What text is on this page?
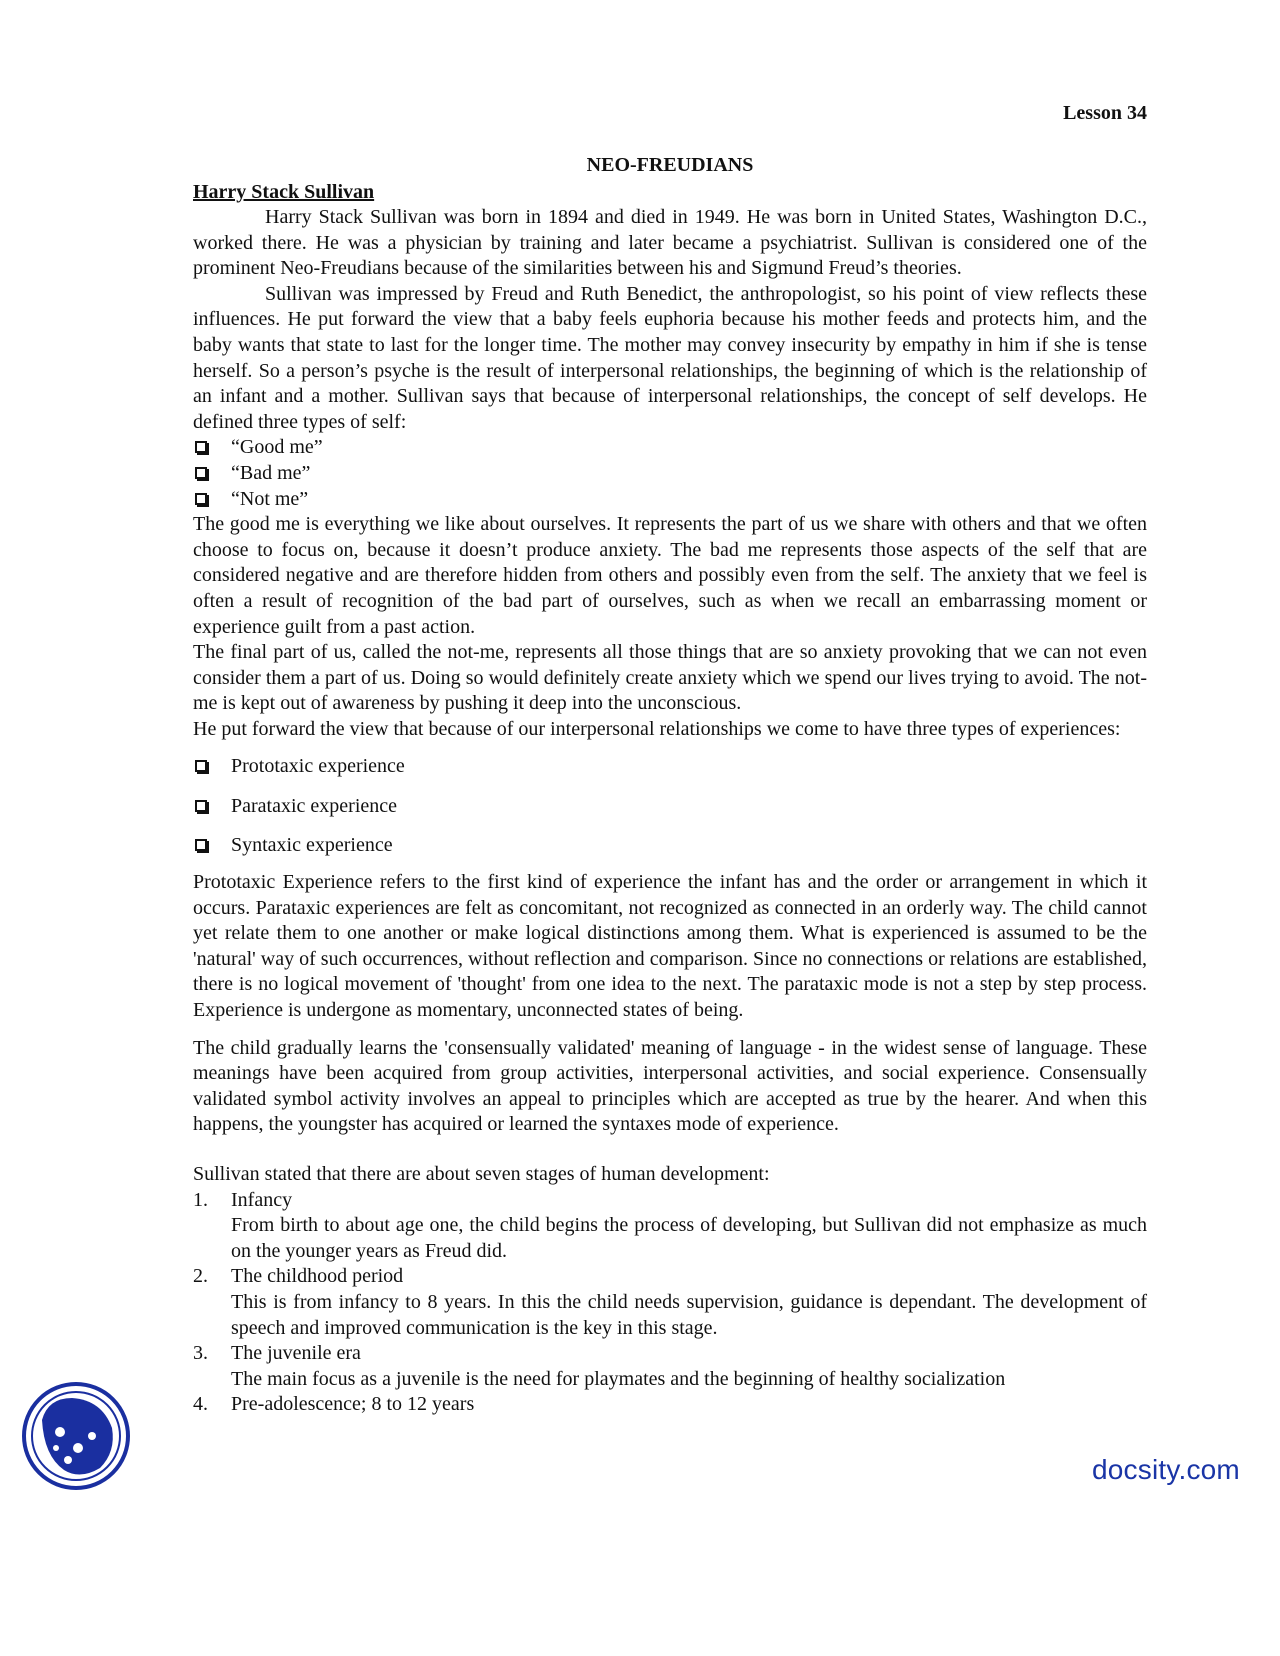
Lesson 34
NEO-FREUDIANS
Harry Stack Sullivan

Harry Stack Sullivan was born in 1894 and died in 1949. He was born in United States, Washington D.C., worked there. He was a physician by training and later became a psychiatrist. Sullivan is considered one of the prominent Neo-Freudians because of the similarities between his and Sigmund Freud’s theories.

Sullivan was impressed by Freud and Ruth Benedict, the anthropologist, so his point of view reflects these influences. He put forward the view that a baby feels euphoria because his mother feeds and protects him, and the baby wants that state to last for the longer time. The mother may convey insecurity by empathy in him if she is tense herself. So a person’s psyche is the result of interpersonal relationships, the beginning of which is the relationship of an infant and a mother. Sullivan says that because of interpersonal relationships, the concept of self develops. He defined three types of self:

“Good me”
“Bad me”
“Not me”

The good me is everything we like about ourselves. It represents the part of us we share with others and that we often choose to focus on, because it doesn’t produce anxiety. The bad me represents those aspects of the self that are considered negative and are therefore hidden from others and possibly even from the self. The anxiety that we feel is often a result of recognition of the bad part of ourselves, such as when we recall an embarrassing moment or experience guilt from a past action.

The final part of us, called the not-me, represents all those things that are so anxiety provoking that we can not even consider them a part of us. Doing so would definitely create anxiety which we spend our lives trying to avoid. The not-me is kept out of awareness by pushing it deep into the unconscious.

He put forward the view that because of our interpersonal relationships we come to have three types of experiences:

Prototaxic experience
Parataxic experience
Syntaxic experience

Prototaxic Experience refers to the first kind of experience the infant has and the order or arrangement in which it occurs. Parataxic experiences are felt as concomitant, not recognized as connected in an orderly way. The child cannot yet relate them to one another or make logical distinctions among them. What is experienced is assumed to be the 'natural' way of such occurrences, without reflection and comparison. Since no connections or relations are established, there is no logical movement of 'thought' from one idea to the next. The parataxic mode is not a step by step process. Experience is undergone as momentary, unconnected states of being.

The child gradually learns the 'consensually validated' meaning of language - in the widest sense of language. These meanings have been acquired from group activities, interpersonal activities, and social experience. Consensually validated symbol activity involves an appeal to principles which are accepted as true by the hearer. And when this happens, the youngster has acquired or learned the syntaxes mode of experience.

Sullivan stated that there are about seven stages of human development:

1. Infancy

From birth to about age one, the child begins the process of developing, but Sullivan did not emphasize as much on the younger years as Freud did.

2. The childhood period

This is from infancy to 8 years. In this the child needs supervision, guidance is dependant. The development of speech and improved communication is the key in this stage.

3. The juvenile era

The main focus as a juvenile is the need for playmates and the beginning of healthy socialization

4. Pre-adolescence; 8 to 12 years
docsity.com
